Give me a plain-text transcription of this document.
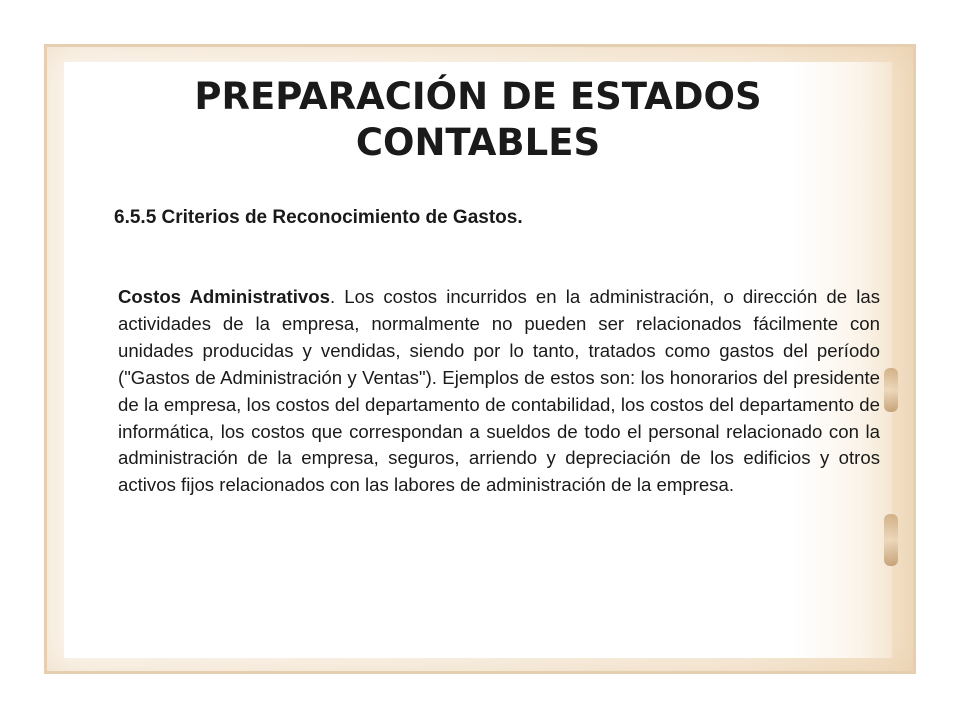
PREPARACIÓN DE ESTADOS
CONTABLES
6.5.5 Criterios de Reconocimiento de Gastos.

Costos Administrativos. Los costos incurridos en la administración, o dirección de las actividades de la empresa, normalmente no pueden ser relacionados fácilmente con unidades producidas y vendidas, siendo por lo tanto, tratados como gastos del período ("Gastos de Administración y Ventas"). Ejemplos de estos son: los honorarios del presidente de la empresa, los costos del departamento de contabilidad, los costos del departamento de informática, los costos que correspondan a sueldos de todo el personal relacionado con la administración de la empresa, seguros, arriendo y depreciación de los edificios y otros activos fijos relacionados con las labores de administración de la empresa.
